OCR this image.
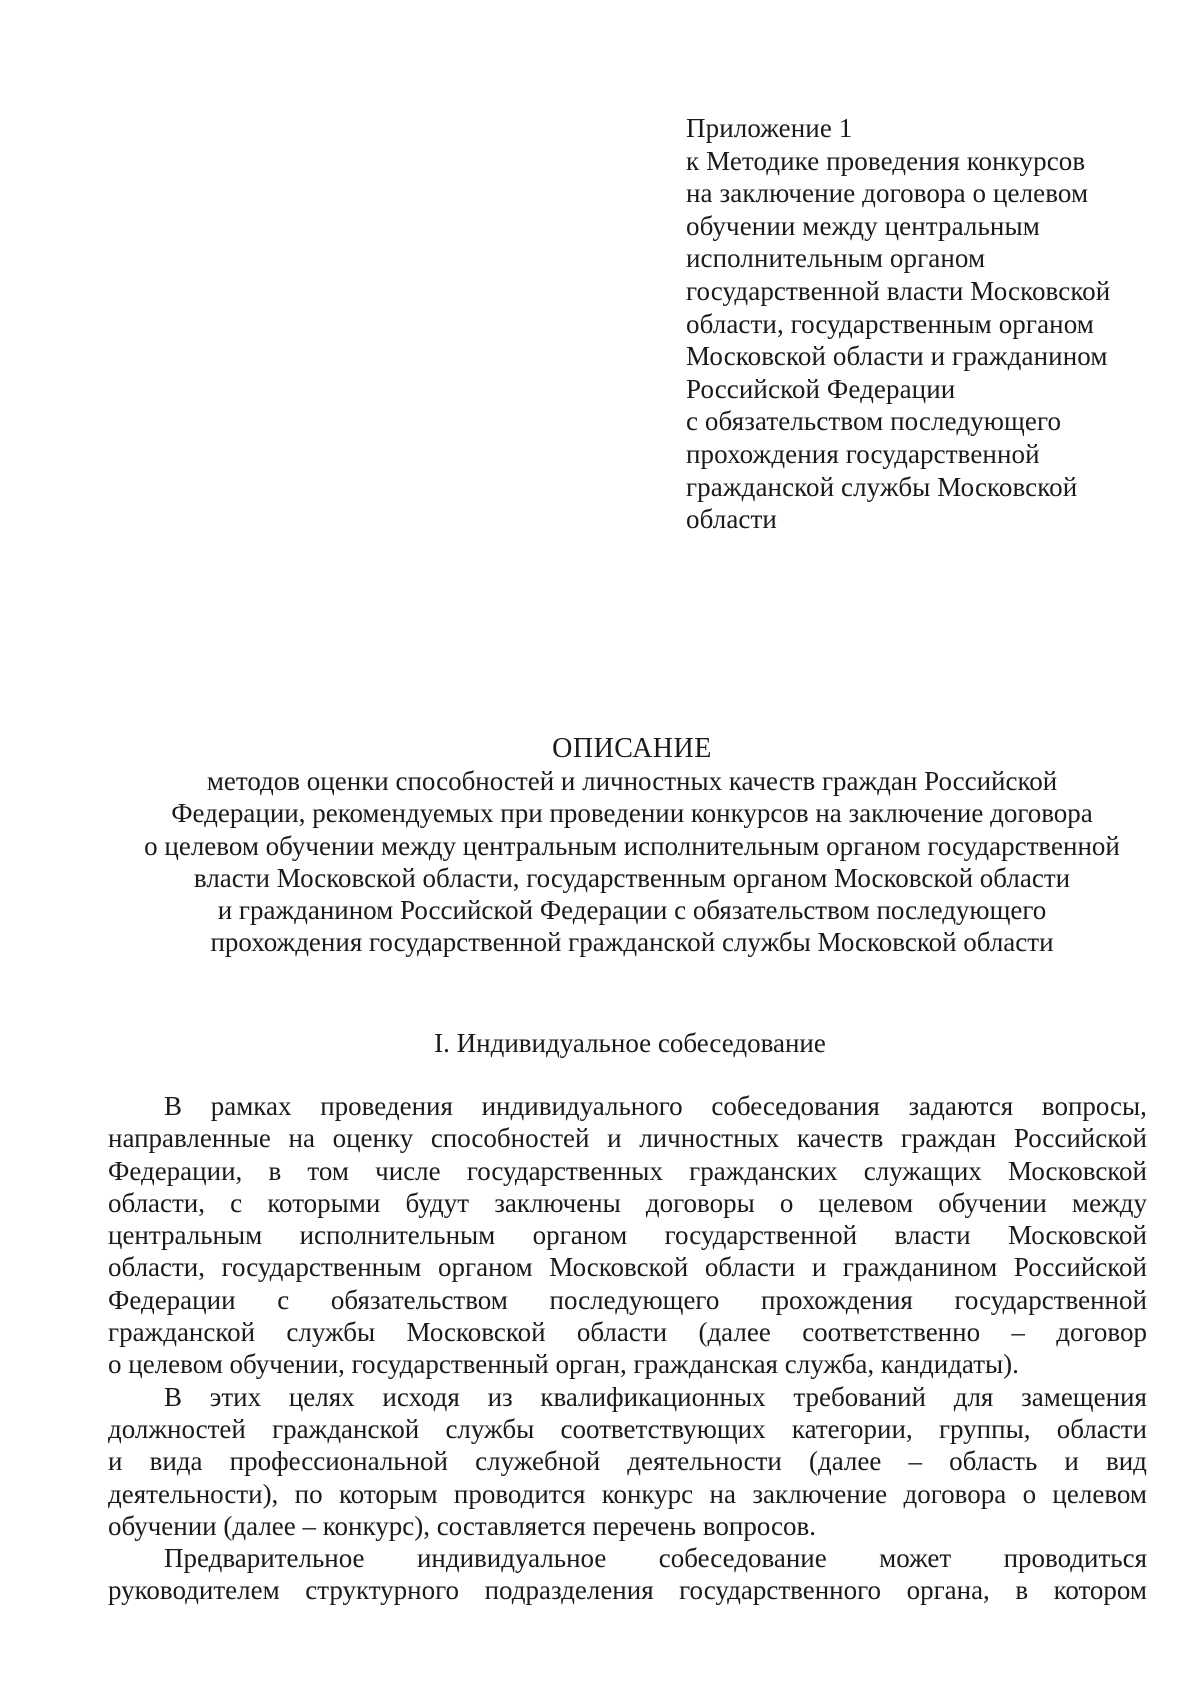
Приложение 1
к Методике проведения конкурсов
на заключение договора о целевом
обучении между центральным
исполнительным органом
государственной власти Московской
области, государственным органом
Московской области и гражданином
Российской Федерации
с обязательством последующего
прохождения государственной
гражданской службы Московской
области
ОПИСАНИЕ
методов оценки способностей и личностных качеств граждан Российской
Федерации, рекомендуемых при проведении конкурсов на заключение договора
о целевом обучении между центральным исполнительным органом государственной
власти Московской области, государственным органом Московской области
и гражданином Российской Федерации с обязательством последующего
прохождения государственной гражданской службы Московской области
I. Индивидуальное собеседование
В рамках проведения индивидуального собеседования задаются вопросы,
направленные на оценку способностей и личностных качеств граждан Российской
Федерации, в том числе государственных гражданских служащих Московской
области, с которыми будут заключены договоры о целевом обучении между
центральным исполнительным органом государственной власти Московской
области, государственным органом Московской области и гражданином Российской
Федерации с обязательством последующего прохождения государственной
гражданской службы Московской области (далее соответственно – договор
о
целевом
обучении,
государственный
орган,
гражданская
служба,
кандидаты).
В этих целях исходя из квалификационных требований для замещения
должностей гражданской службы соответствующих категории, группы, области
и вида профессиональной служебной деятельности (далее – область и вид
деятельности), по которым проводится конкурс на заключение договора о целевом
обучении
(далее
–
конкурс),
составляется
перечень
вопросов.
Предварительное индивидуальное собеседование может проводиться
руководителем структурного подразделения государственного органа, в котором
